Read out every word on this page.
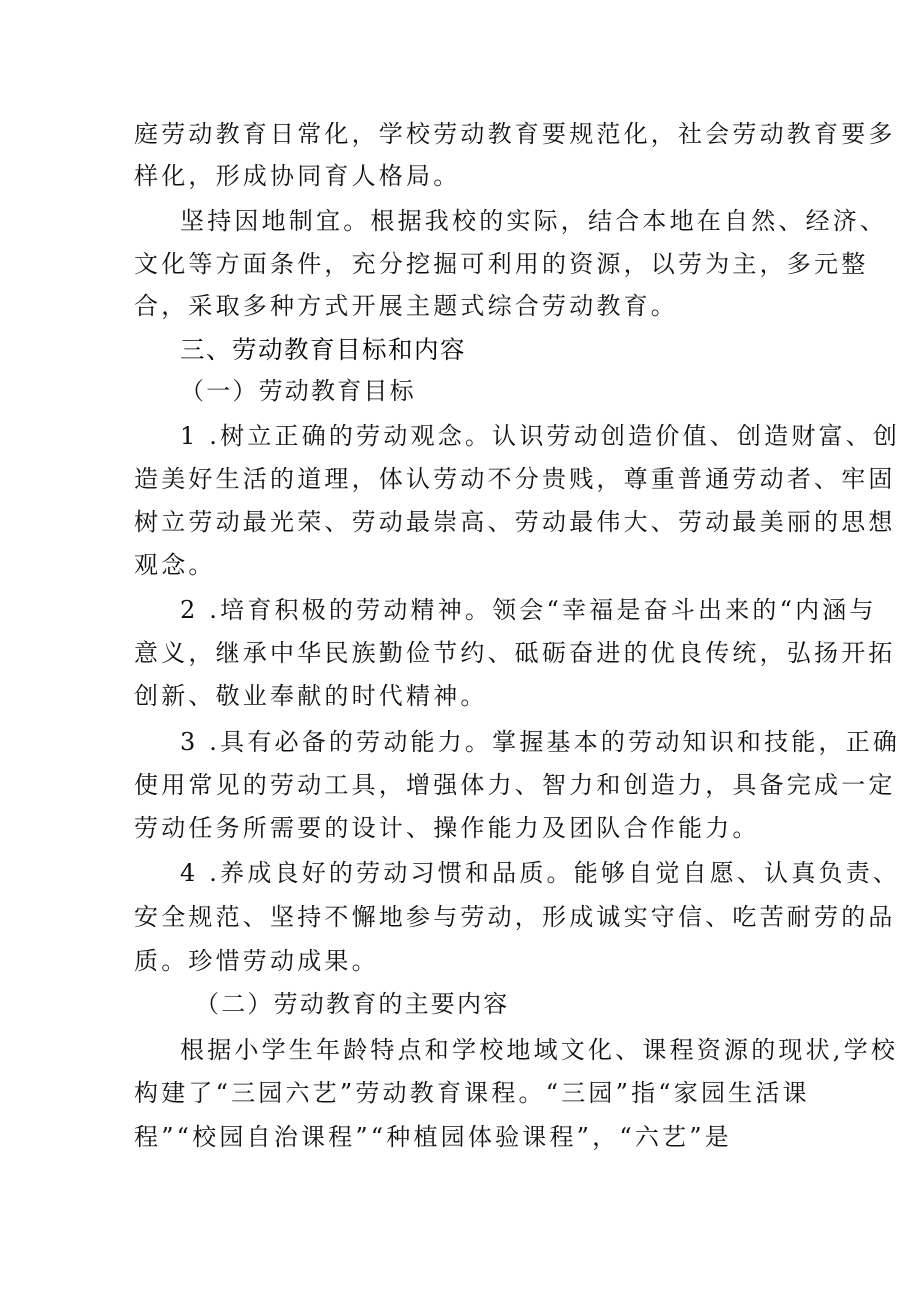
庭劳动教育日常化，学校劳动教育要规范化，社会劳动教育要多
样化，形成协同育人格局。
坚持因地制宜。根据我校的实际，结合本地在自然、经济、
文化等方面条件，充分挖掘可利用的资源，以劳为主，多元整
合，采取多种方式开展主题式综合劳动教育。
三、劳动教育目标和内容
（一）劳动教育目标
1 .树立正确的劳动观念。认识劳动创造价值、创造财富、创
造美好生活的道理，体认劳动不分贵贱，尊重普通劳动者、牢固
树立劳动最光荣、劳动最崇高、劳动最伟大、劳动最美丽的思想
观念。
2 .培育积极的劳动精神。领会“幸福是奋斗出来的“内涵与
意义，继承中华民族勤俭节约、砥砺奋进的优良传统，弘扬开拓
创新、敬业奉献的时代精神。
3 .具有必备的劳动能力。掌握基本的劳动知识和技能，正确
使用常见的劳动工具，增强体力、智力和创造力，具备完成一定
劳动任务所需要的设计、操作能力及团队合作能力。
4 .养成良好的劳动习惯和品质。能够自觉自愿、认真负责、
安全规范、坚持不懈地参与劳动，形成诚实守信、吃苦耐劳的品
质。珍惜劳动成果。
（二）劳动教育的主要内容
根据小学生年龄特点和学校地域文化、课程资源的现状,学校
构建了“三园六艺”劳动教育课程。“三园”指“家园生活课
程”“校园自治课程”“种植园体验课程”，“六艺”是
